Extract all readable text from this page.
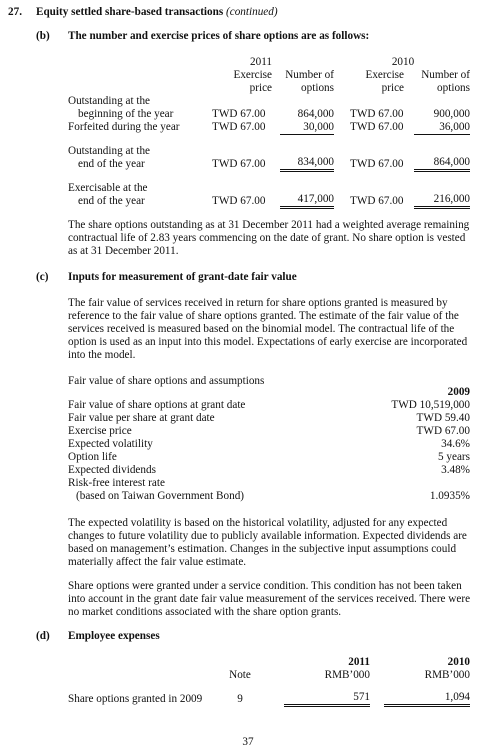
27. Equity settled share-based transactions (continued)
(b) The number and exercise prices of share options are as follows:
2011	2010
Exercise
price
Number of
options
Exercise
price
Number of
options
Outstanding at the
beginning of the year	TWD 67.00	864,000 TWD 67.00	900,000
Forfeited during the year	TWD 67.00	30,000 TWD 67.00	36,000
Outstanding at the
end of the year	TWD 67.00	834,000 TWD 67.00	864,000
Exercisable at the
end of the year	TWD 67.00	417,000 TWD 67.00	216,000
The share options outstanding as at 31 December 2011 had a weighted average remaining
contractual life of 2.83 years commencing on the date of grant. No share option is vested
as at 31 December 2011.
(c) Inputs for measurement of grant-date fair value
The fair value of services received in return for share options granted is measured by
reference to the fair value of share options granted. The estimate of the fair value of the
services received is measured based on the binomial model. The contractual life of the
option is used as an input into this model. Expectations of early exercise are incorporated
into the model.
Fair value of share options and assumptions
2009
Fair value of share options at grant date	TWD 10,519,000
Fair value per share at grant date	TWD 59.40
Exercise price	TWD 67.00
Expected volatility	34.6%
Option life	5 years
Expected dividends	3.48%
Risk-free interest rate
(based on Taiwan Government Bond)	1.0935%
The expected volatility is based on the historical volatility, adjusted for any expected
changes to future volatility due to publicly available information. Expected dividends are
based on management’s estimation. Changes in the subjective input assumptions could
materially affect the fair value estimate.
Share options were granted under a service condition. This condition has not been taken
into account in the grant date fair value measurement of the services received. There were
no market conditions associated with the share option grants.
(d) Employee expenses
2011	2010
Note	RMB’000	RMB’000
Share options granted in 2009	9	571	1,094
37
